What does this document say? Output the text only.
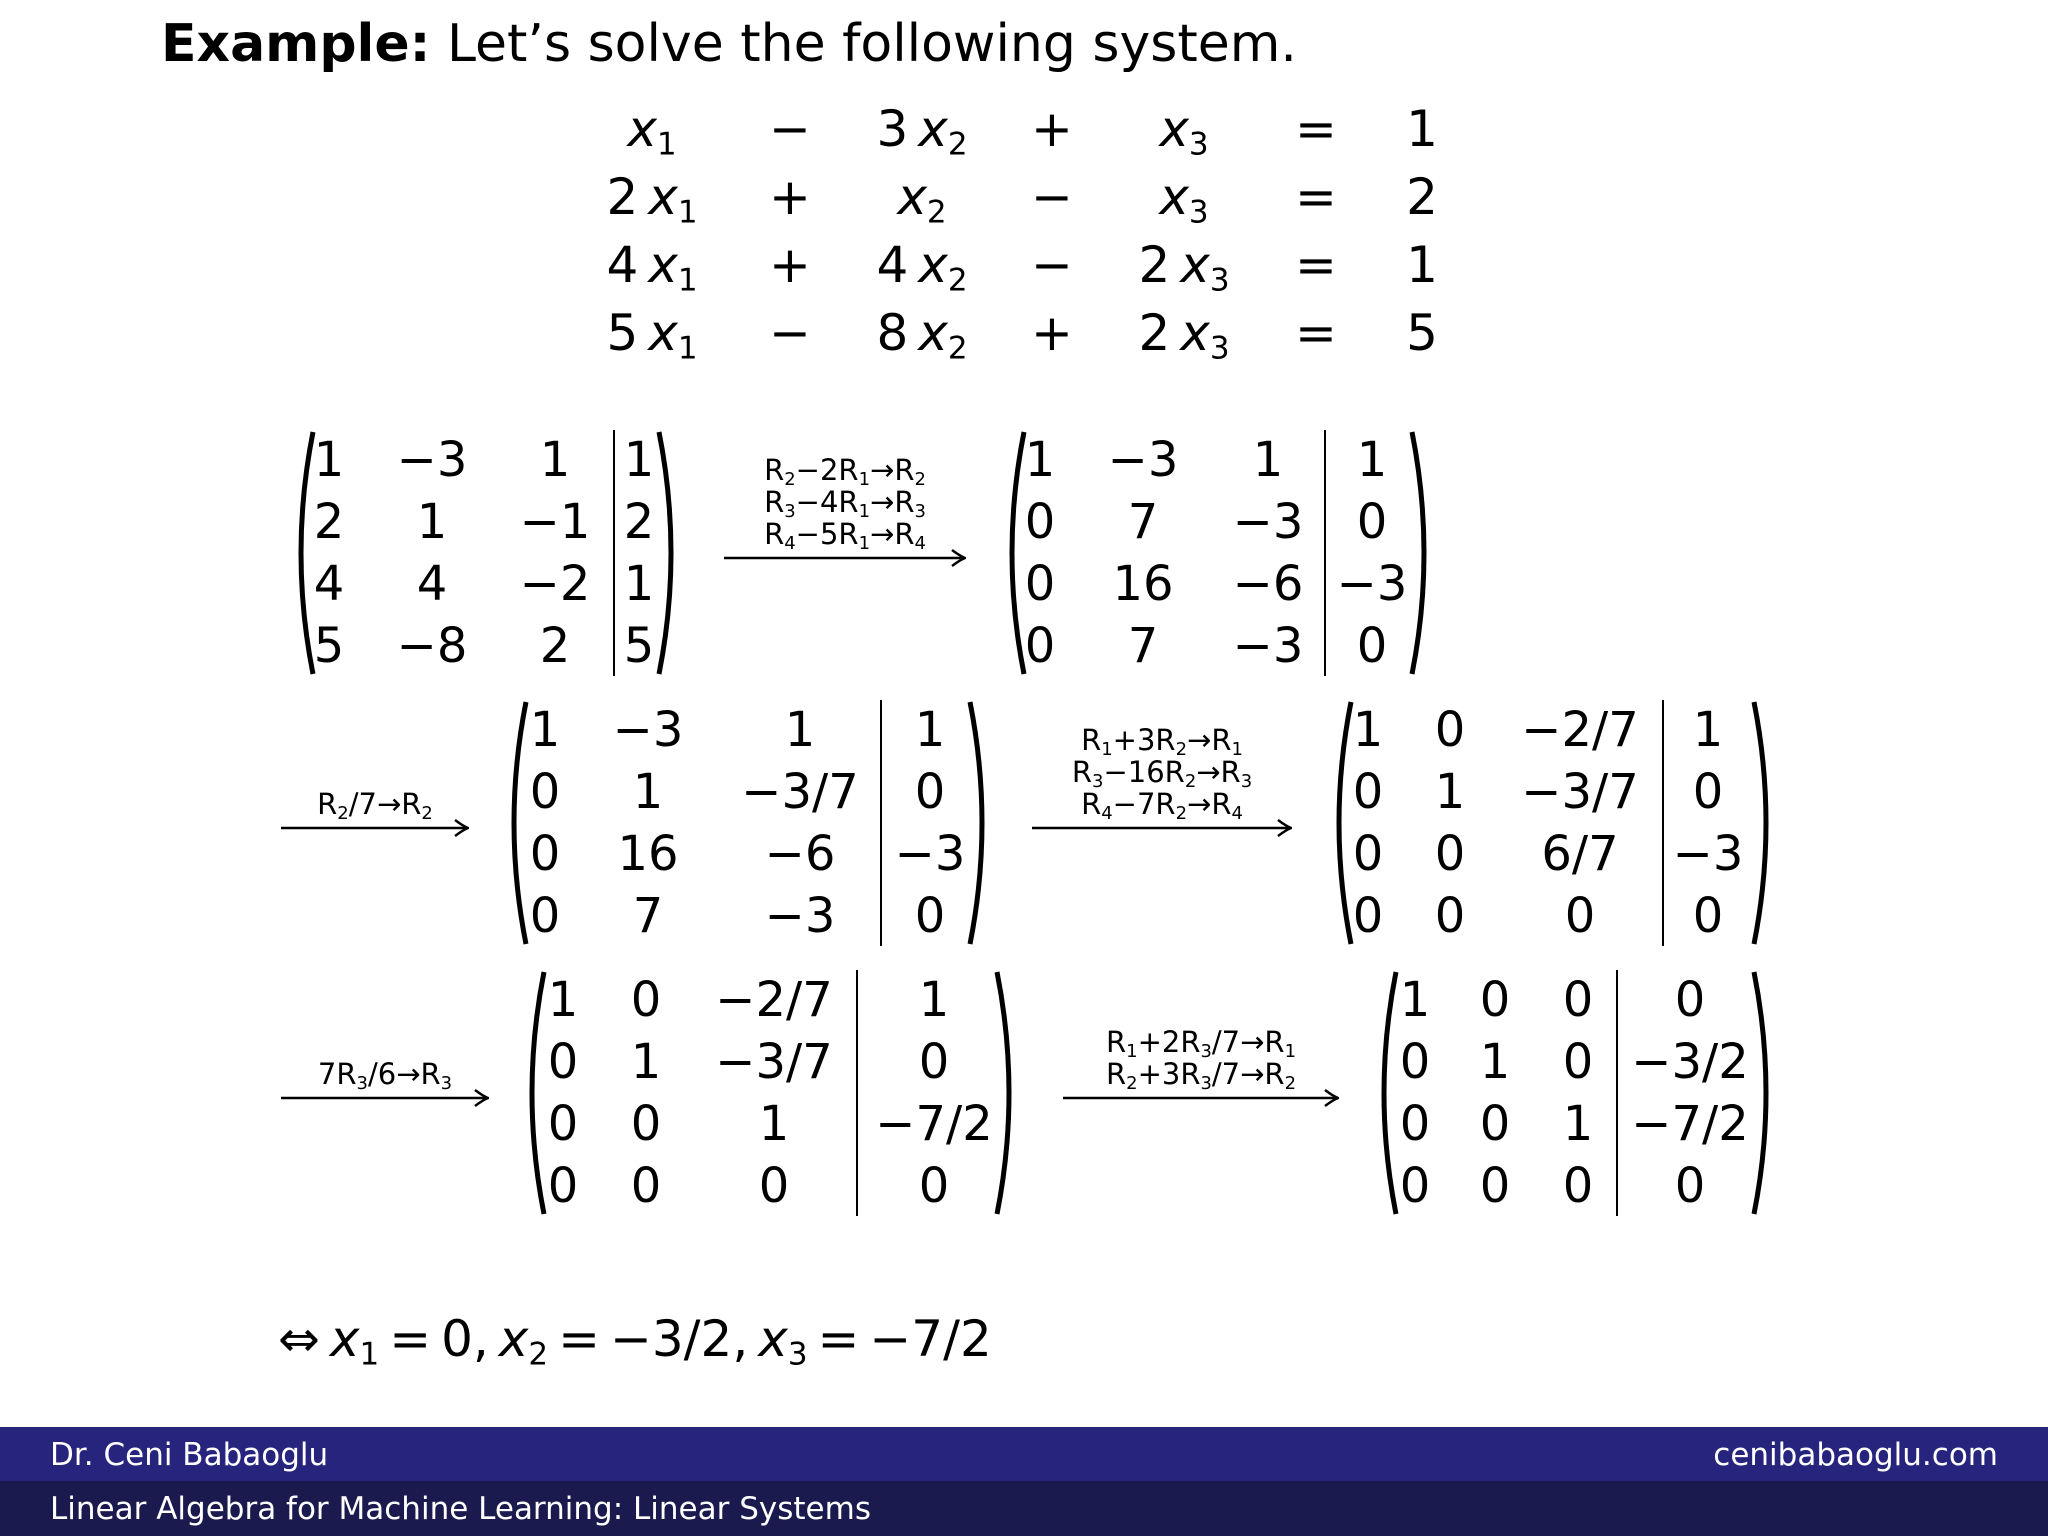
Example: Let’s solve the following system.
$x_1$	−	3 $x_2$	+	$x_3$	=	1
2 $x_1$	+	$x_2$	−	$x_3$	=	2
4 $x_1$	+	4 $x_2$	−	2 $x_3$	=	1
5 $x_1$	−	8 $x_2$	+	2 $x_3$	=	5
1 −3 1 1
2 1 −1 2
4 4 −2 1
5 −8 2 5
1 −3 1 1
0 7 −3 0
0 16 −6 −3
0 7 −3 0
1 −3 1 1
0 1 −3/7 0
0 16 −6 −3
0 7 −3 0
1 0 −2/7 1
0 1 −3/7 0
0 0 6/7 −3
0 0 0 0
1 0 −2/7 1
0 1 −3/7 0
0 0 1 −7/2
0 0 0	0
1 0 0 0
0 1 0 −3/2
0 0 1 −7/2
0 0 0 0
$R_2-2R_1\to R_2$
$R_3-4R_1\to R_3$
$R_4-5R_1\to R_4$
$R_2/7\to R_2$
$R_1+3R_2\to R_1$
$R_3-16R_2\to R_3$
$R_4-7R_2\to R_4$
$7R_3/6\to R_3$
$R_1+2R_3/7\to R_1$
$R_2+3R_3/7\to R_2$
⇔ $x_1 = 0$, $x_2 = -3/2$, $x_3 = -7/2$
Dr. Ceni Babaoglu	cenibabaoglu.com
Linear Algebra for Machine Learning: Linear Systems
